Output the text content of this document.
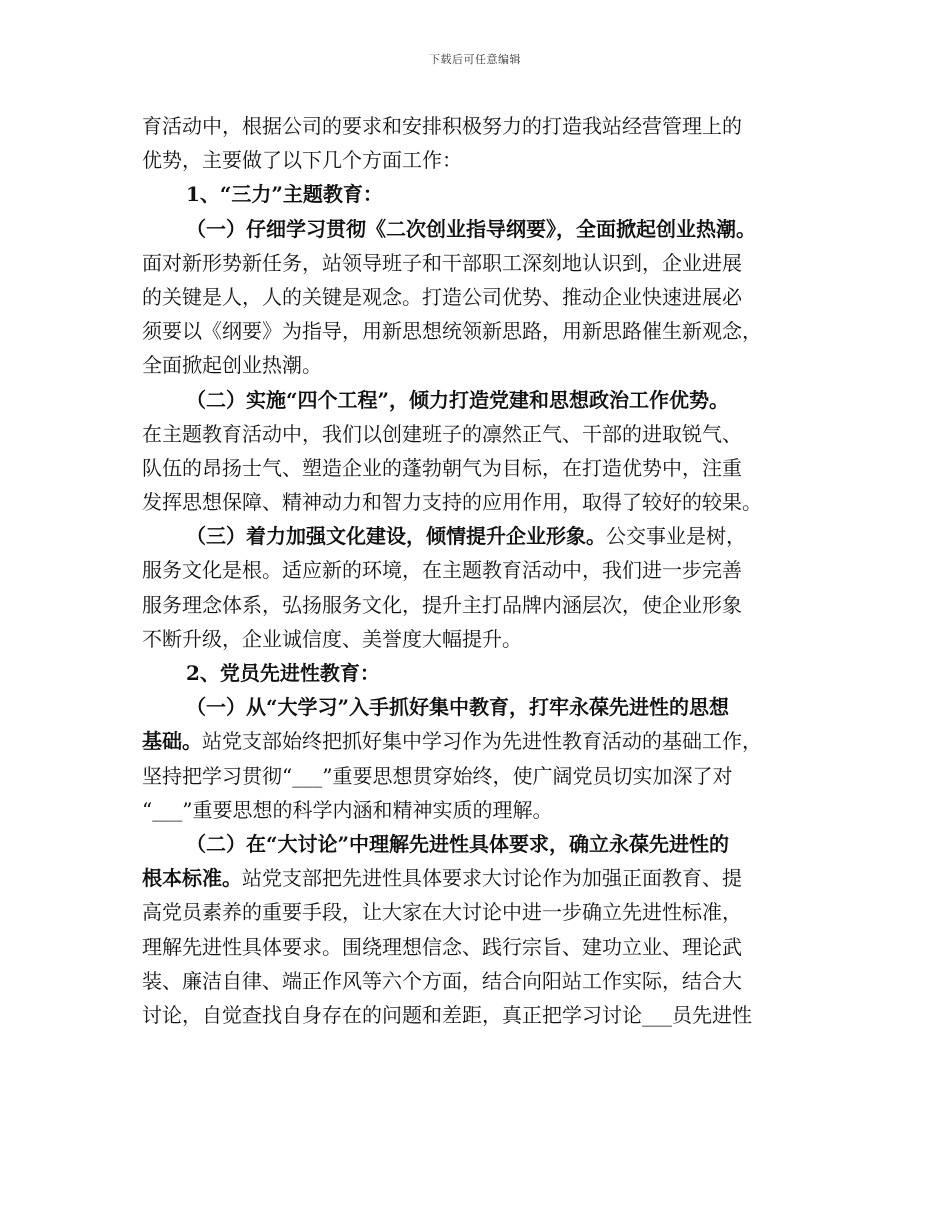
下载后可任意编辑
育活动中，根据公司的要求和安排积极努力的打造我站经营管理上的
优势，主要做了以下几个方面工作：
1、“三力”主题教育：
（一）仔细学习贯彻《二次创业指导纲要》，全面掀起创业热潮。
面对新形势新任务，站领导班子和干部职工深刻地认识到，企业进展
的关键是人，人的关键是观念。打造公司优势、推动企业快速进展必
须要以《纲要》为指导，用新思想统领新思路，用新思路催生新观念，
全面掀起创业热潮。
（二）实施“四个工程”，倾力打造党建和思想政治工作优势。
在主题教育活动中，我们以创建班子的凛然正气、干部的进取锐气、
队伍的昂扬士气、塑造企业的蓬勃朝气为目标，在打造优势中，注重
发挥思想保障、精神动力和智力支持的应用作用，取得了较好的较果。
（三）着力加强文化建设，倾情提升企业形象。公交事业是树，
服务文化是根。适应新的环境，在主题教育活动中，我们进一步完善
服务理念体系，弘扬服务文化，提升主打品牌内涵层次，使企业形象
不断升级，企业诚信度、美誉度大幅提升。
2、党员先进性教育：
（一）从“大学习”入手抓好集中教育，打牢永葆先进性的思想
基础。站党支部始终把抓好集中学习作为先进性教育活动的基础工作，
坚持把学习贯彻“___”重要思想贯穿始终，使广阔党员切实加深了对
“___”重要思想的科学内涵和精神实质的理解。
（二）在“大讨论”中理解先进性具体要求，确立永葆先进性的
根本标准。站党支部把先进性具体要求大讨论作为加强正面教育、提
高党员素养的重要手段，让大家在大讨论中进一步确立先进性标准，
理解先进性具体要求。围绕理想信念、践行宗旨、建功立业、理论武
装、廉洁自律、端正作风等六个方面，结合向阳站工作实际，结合大
讨论，自觉查找自身存在的问题和差距，真正把学习讨论___员先进性
